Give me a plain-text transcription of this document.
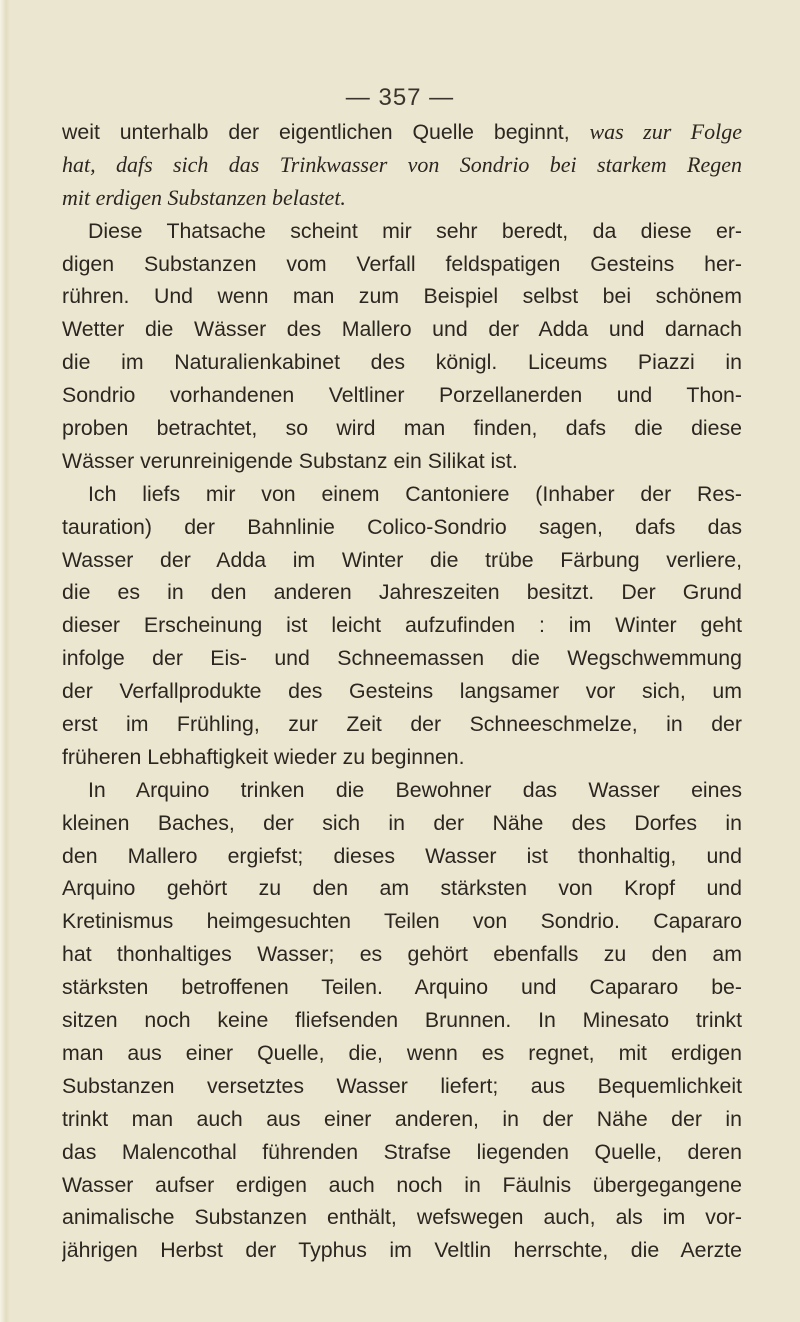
— 357 —
weit unterhalb der eigentlichen Quelle beginnt, was zur Folge
hat, dafs sich das Trinkwasser von Sondrio bei starkem Regen
mit erdigen Substanzen belastet.
Diese Thatsache scheint mir sehr beredt, da diese er-
digen Substanzen vom Verfall feldspatigen Gesteins her-
rühren. Und wenn man zum Beispiel selbst bei schönem
Wetter die Wässer des Mallero und der Adda und darnach
die im Naturalienkabinet des königl. Liceums Piazzi in
Sondrio vorhandenen Veltliner Porzellanerden und Thon-
proben betrachtet, so wird man finden, dafs die diese
Wässer verunreinigende Substanz ein Silikat ist.
Ich liefs mir von einem Cantoniere (Inhaber der Res-
tauration) der Bahnlinie Colico-Sondrio sagen, dafs das
Wasser der Adda im Winter die trübe Färbung verliere,
die es in den anderen Jahreszeiten besitzt. Der Grund
dieser Erscheinung ist leicht aufzufinden : im Winter geht
infolge der Eis- und Schneemassen die Wegschwemmung
der Verfallprodukte des Gesteins langsamer vor sich, um
erst im Frühling, zur Zeit der Schneeschmelze, in der
früheren Lebhaftigkeit wieder zu beginnen.
In Arquino trinken die Bewohner das Wasser eines
kleinen Baches, der sich in der Nähe des Dorfes in
den Mallero ergiefst; dieses Wasser ist thonhaltig, und
Arquino gehört zu den am stärksten von Kropf und
Kretinismus heimgesuchten Teilen von Sondrio. Capararo
hat thonhaltiges Wasser; es gehört ebenfalls zu den am
stärksten betroffenen Teilen. Arquino und Capararo be-
sitzen noch keine fliefsenden Brunnen. In Minesato trinkt
man aus einer Quelle, die, wenn es regnet, mit erdigen
Substanzen versetztes Wasser liefert; aus Bequemlichkeit
trinkt man auch aus einer anderen, in der Nähe der in
das Malencothal führenden Strafse liegenden Quelle, deren
Wasser aufser erdigen auch noch in Fäulnis übergegangene
animalische Substanzen enthält, wefswegen auch, als im vor-
jährigen Herbst der Typhus im Veltlin herrschte, die Aerzte
